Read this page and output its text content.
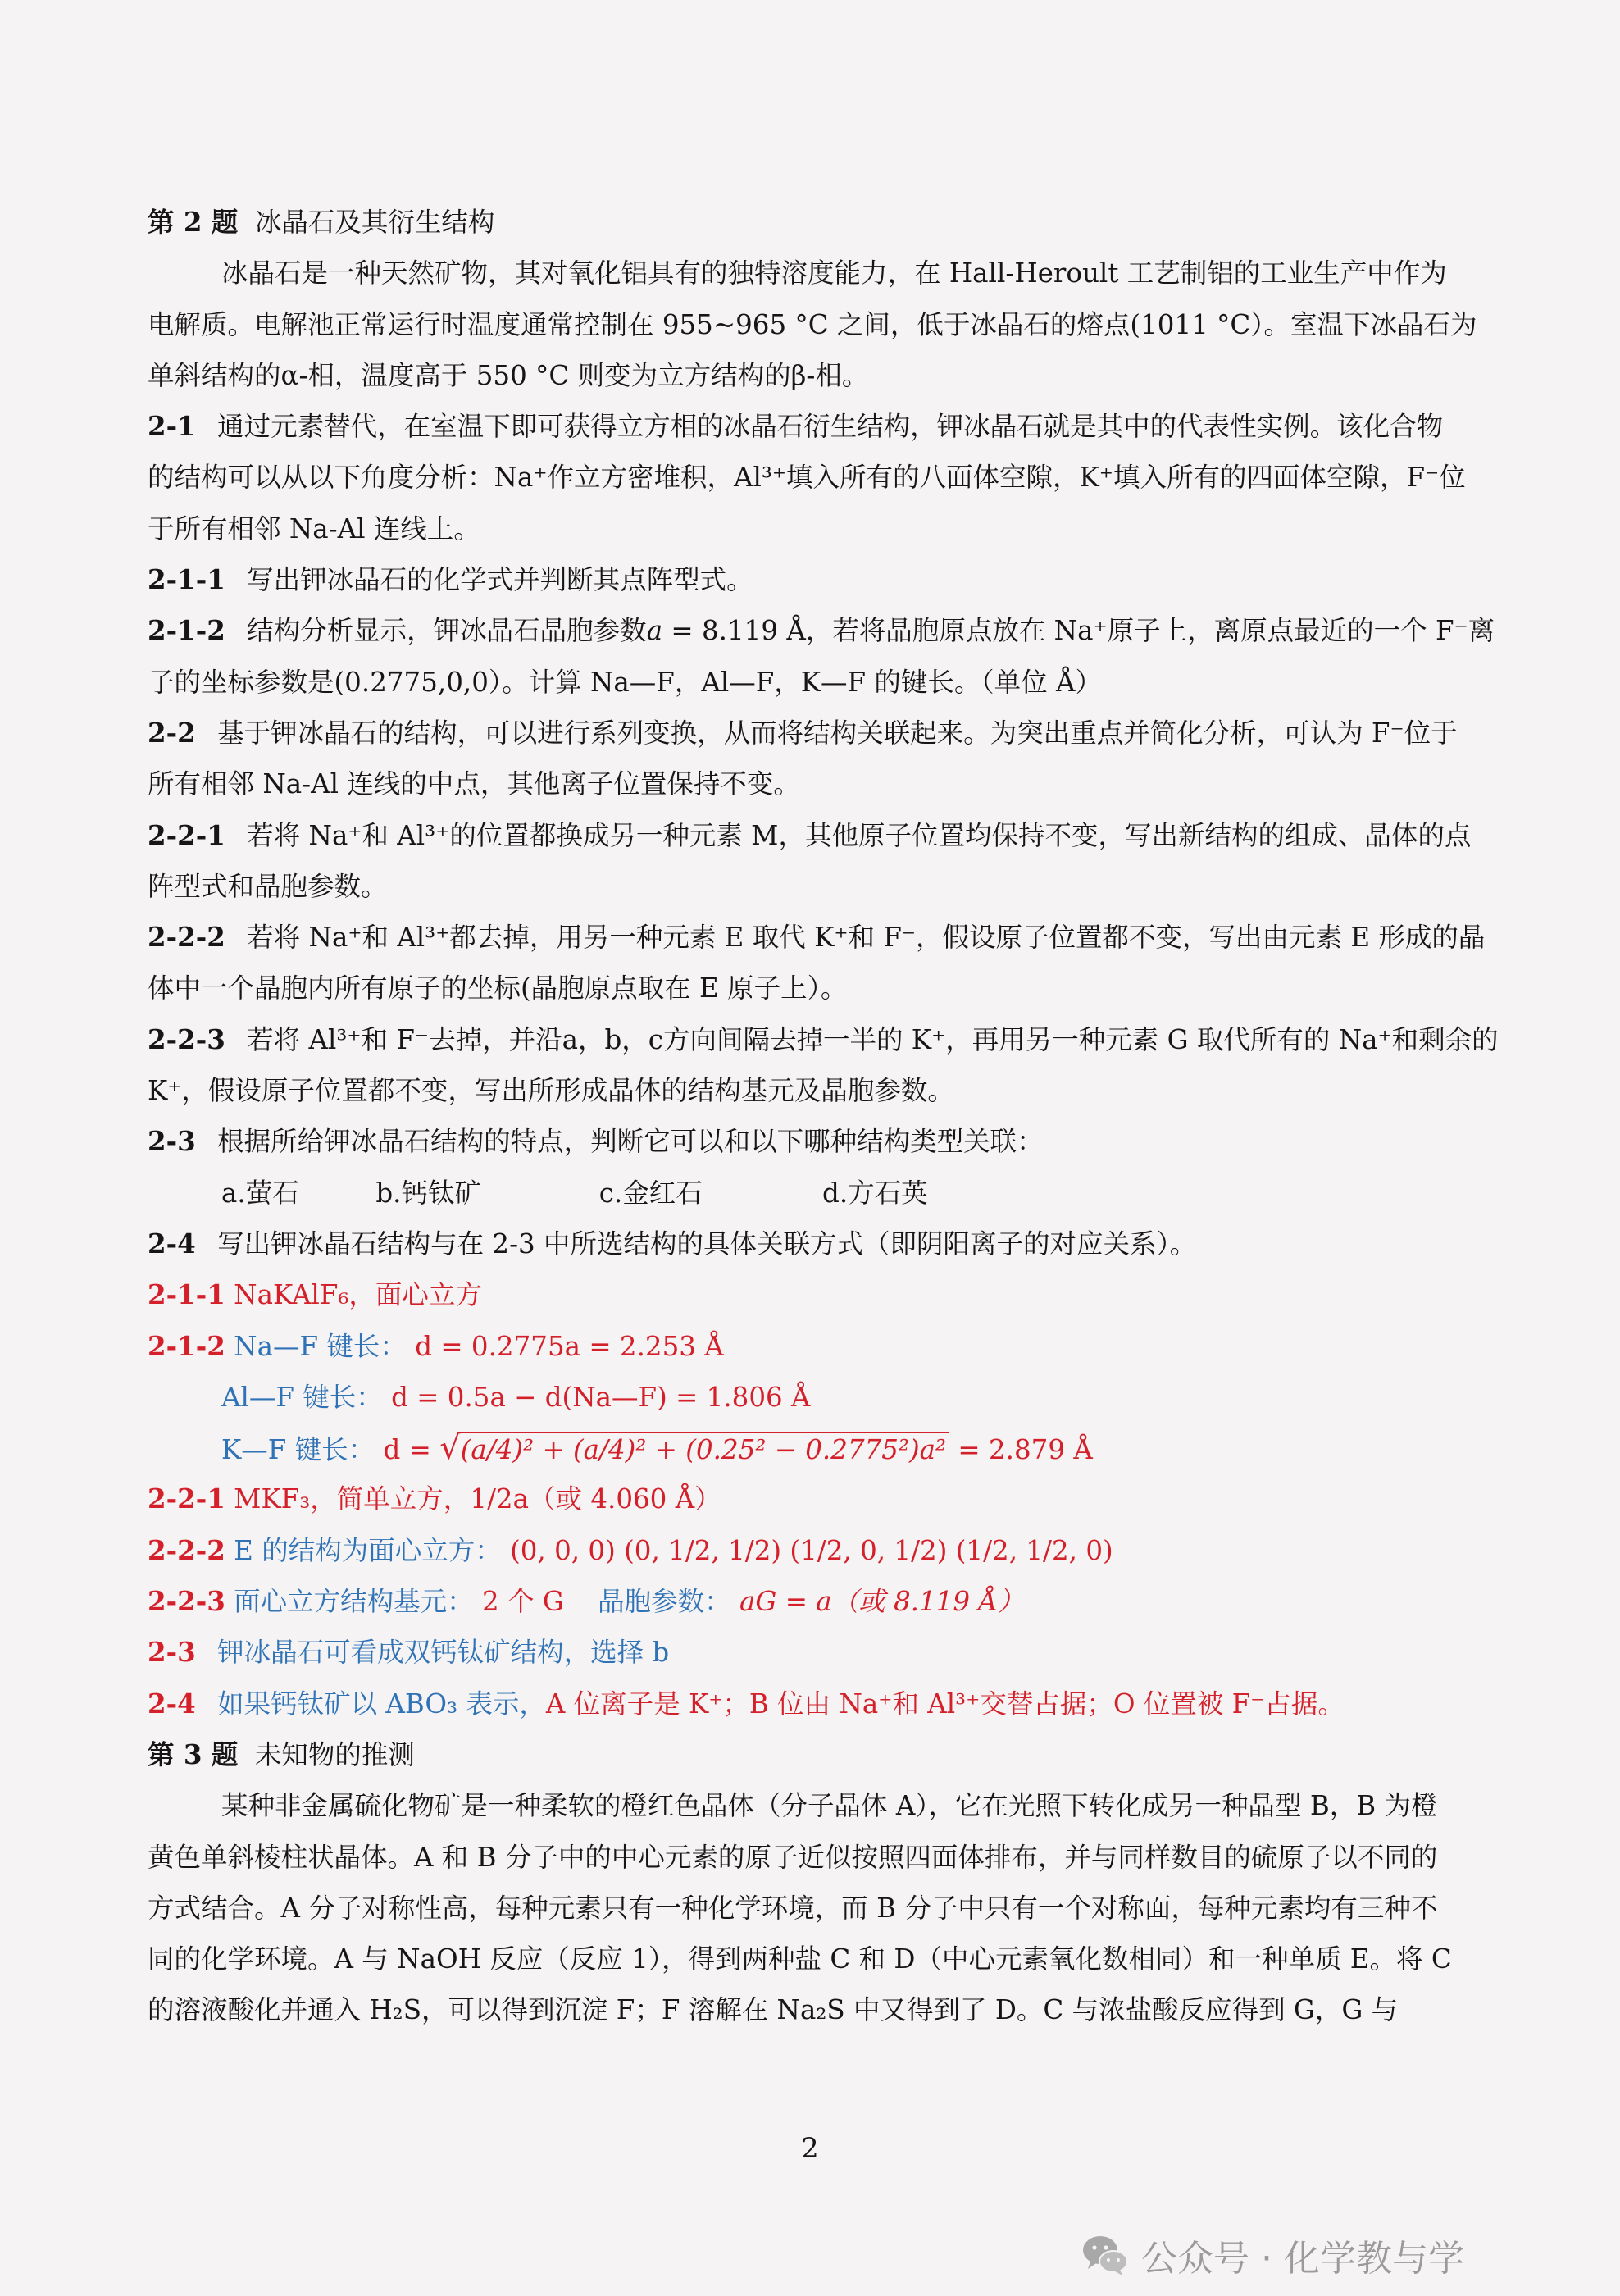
第 2 题 冰晶石及其衍生结构
冰晶石是一种天然矿物，其对氧化铝具有的独特溶度能力，在 Hall-Heroult 工艺制铝的工业生产中作为
电解质。电解池正常运行时温度通常控制在 955~965 °C 之间，低于冰晶石的熔点(1011 °C）。室温下冰晶石为
单斜结构的α-相，温度高于 550 °C 则变为立方结构的β-相。
2-1 通过元素替代，在室温下即可获得立方相的冰晶石衍生结构，钾冰晶石就是其中的代表性实例。该化合物
的结构可以从以下角度分析：Na⁺作立方密堆积，Al³⁺填入所有的八面体空隙，K⁺填入所有的四面体空隙，F⁻位
于所有相邻 Na-Al 连线上。
2-1-1 写出钾冰晶石的化学式并判断其点阵型式。
2-1-2 结构分析显示，钾冰晶石晶胞参数a = 8.119 Å，若将晶胞原点放在 Na⁺原子上，离原点最近的一个 F⁻离
子的坐标参数是(0.2775,0,0）。计算 Na—F，Al—F，K—F 的键长。（单位 Å）
2-2 基于钾冰晶石的结构，可以进行系列变换，从而将结构关联起来。为突出重点并简化分析，可认为 F⁻位于
所有相邻 Na-Al 连线的中点，其他离子位置保持不变。
2-2-1 若将 Na⁺和 Al³⁺的位置都换成另一种元素 M，其他原子位置均保持不变，写出新结构的组成、晶体的点
阵型式和晶胞参数。
2-2-2 若将 Na⁺和 Al³⁺都去掉，用另一种元素 E 取代 K⁺和 F⁻，假设原子位置都不变，写出由元素 E 形成的晶
体中一个晶胞内所有原子的坐标(晶胞原点取在 E 原子上）。
2-2-3 若将 Al³⁺和 F⁻去掉，并沿a，b，c方向间隔去掉一半的 K⁺，再用另一种元素 G 取代所有的 Na⁺和剩余的
K⁺，假设原子位置都不变，写出所形成晶体的结构基元及晶胞参数。
2-3 根据所给钾冰晶石结构的特点，判断它可以和以下哪种结构类型关联：
a.萤石	b.钙钛矿	c.金红石	d.方石英
2-4 写出钾冰晶石结构与在 2-3 中所选结构的具体关联方式（即阴阳离子的对应关系）。
2-1-1 NaKAlF₆，面心立方
2-1-2 Na—F 键长： d = 0.2775a = 2.253 Å
Al—F 键长： d = 0.5a − d(Na—F) = 1.806 Å
K—F 键长： d = √(a/4)² + (a/4)² + (0.25² − 0.2775²)a² = 2.879 Å
2-2-1 MKF₃，简单立方，1/2a（或 4.060 Å）
2-2-2 E 的结构为面心立方： (0, 0, 0) (0, 1/2, 1/2) (1/2, 0, 1/2) (1/2, 1/2, 0)
2-2-3 面心立方结构基元： 2 个 G 晶胞参数： aG = a（或 8.119 Å）
2-3 钾冰晶石可看成双钙钛矿结构，选择 b
2-4 如果钙钛矿以 ABO₃ 表示，A 位离子是 K⁺；B 位由 Na⁺和 Al³⁺交替占据；O 位置被 F⁻占据。
第 3 题 未知物的推测
某种非金属硫化物矿是一种柔软的橙红色晶体（分子晶体 A），它在光照下转化成另一种晶型 B，B 为橙
黄色单斜棱柱状晶体。A 和 B 分子中的中心元素的原子近似按照四面体排布，并与同样数目的硫原子以不同的
方式结合。A 分子对称性高，每种元素只有一种化学环境，而 B 分子中只有一个对称面，每种元素均有三种不
同的化学环境。A 与 NaOH 反应（反应 1），得到两种盐 C 和 D（中心元素氧化数相同）和一种单质 E。将 C
的溶液酸化并通入 H₂S，可以得到沉淀 F；F 溶解在 Na₂S 中又得到了 D。C 与浓盐酸反应得到 G，G 与
2
公众号 · 化学教与学
